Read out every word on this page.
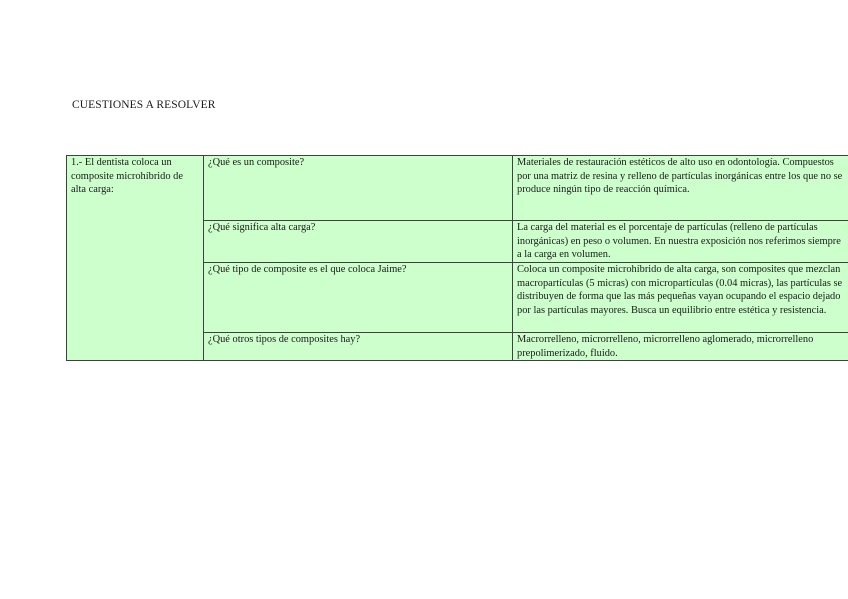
CUESTIONES A RESOLVER
1.- El dentista coloca un composite microhíbrido de alta carga:	¿Qué es un composite?	Materiales de restauración estéticos de alto uso en odontología. Compuestos por una matriz de resina y relleno de partículas inorgánicas entre los que no se produce ningún tipo de reacción química.
	¿Qué significa alta carga?	La carga del material es el porcentaje de partículas (relleno de partículas inorgánicas) en peso o volumen. En nuestra exposición nos referimos siempre a la carga en volumen.
	¿Qué tipo de composite es el que coloca Jaime?	Coloca un composite microhíbrido de alta carga, son composites que mezclan macropartículas (5 micras) con micropartículas (0.04 micras), las partículas se distribuyen de forma que las más pequeñas vayan ocupando el espacio dejado por las partículas mayores. Busca un equilibrio entre estética y resistencia.
	¿Qué otros tipos de composites hay?	Macrorrelleno, microrrelleno, microrrelleno aglomerado, microrrelleno prepolimerizado, fluido.
